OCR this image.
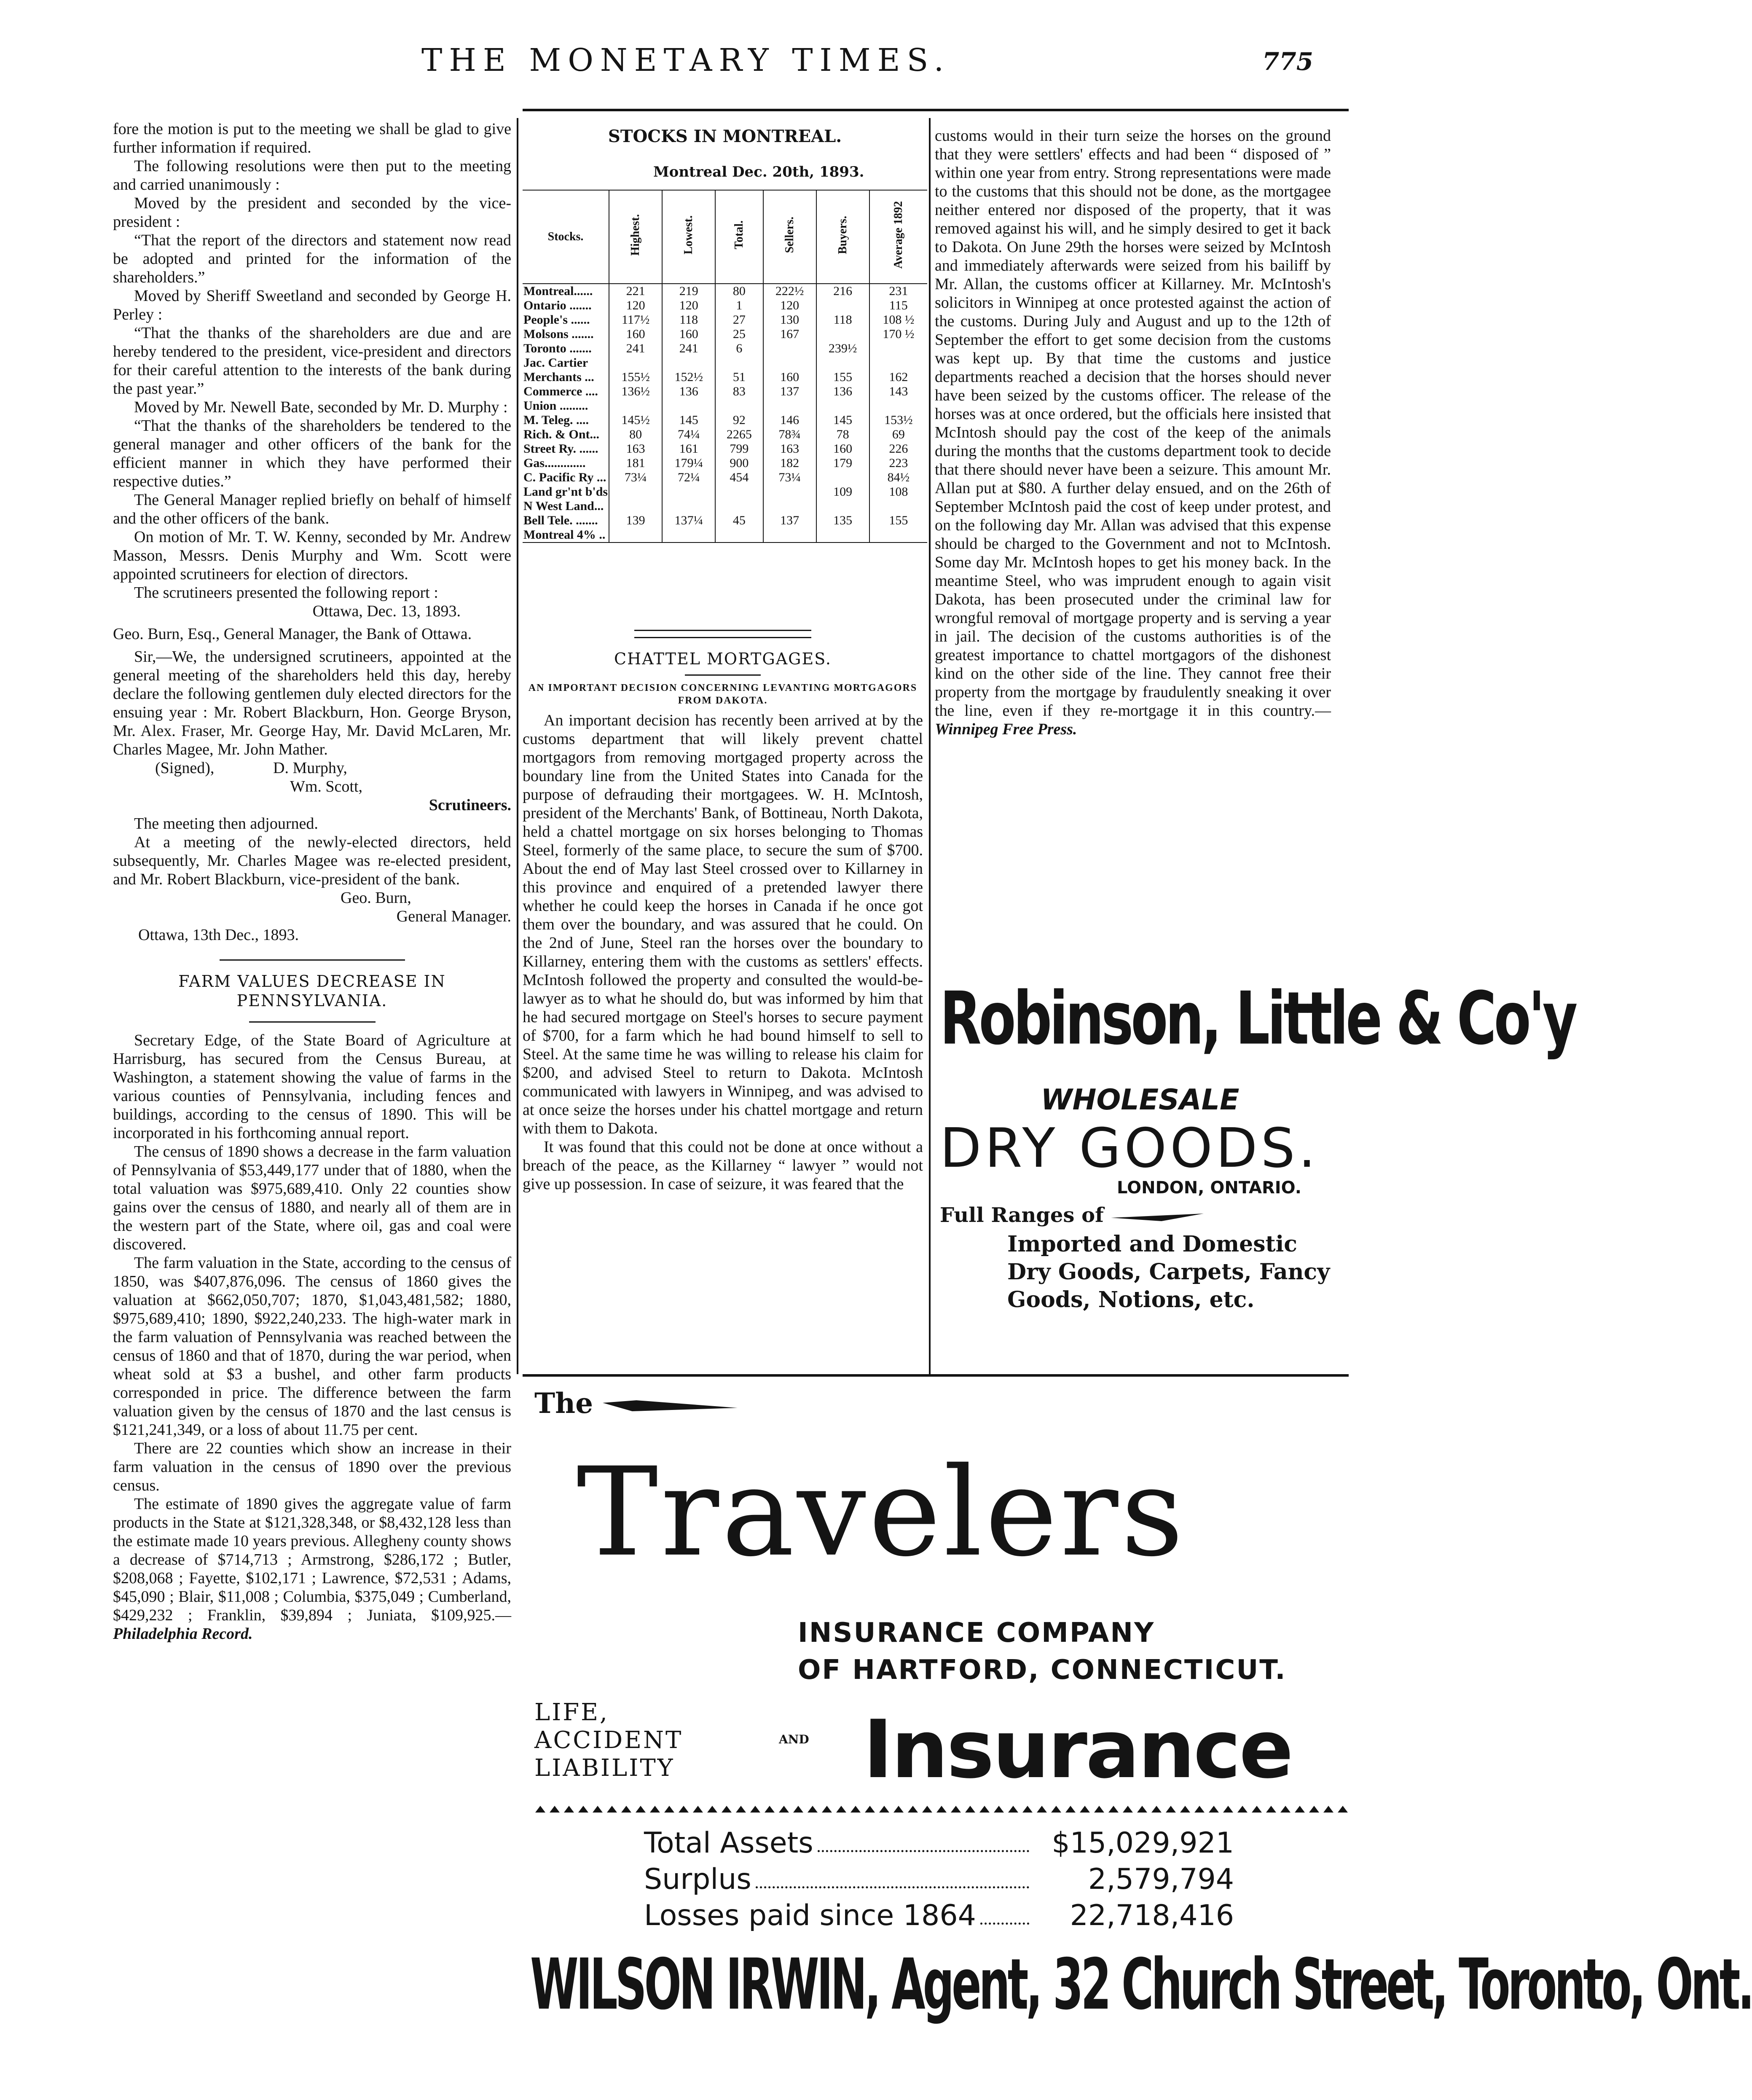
THE MONETARY TIMES.	775

fore the motion is put to the meeting we shall be glad to give further information if required.

The following resolutions were then put to the meeting and carried unanimously :

Moved by the president and seconded by the vice-president :

“That the report of the directors and statement now read be adopted and printed for the information of the shareholders.”

Moved by Sheriff Sweetland and seconded by George H. Perley :

“That the thanks of the shareholders are due and are hereby tendered to the president, vice-president and directors for their careful attention to the interests of the bank during the past year.”

Moved by Mr. Newell Bate, seconded by Mr. D. Murphy :

“That the thanks of the shareholders be tendered to the general manager and other officers of the bank for the efficient manner in which they have performed their respective duties.”

The General Manager replied briefly on behalf of himself and the other officers of the bank.

On motion of Mr. T. W. Kenny, seconded by Mr. Andrew Masson, Messrs. Denis Murphy and Wm. Scott were appointed scrutineers for election of directors.

The scrutineers presented the following report :

Ottawa, Dec. 13, 1893.

Geo. Burn, Esq., General Manager, the Bank of Ottawa.

Sir,—We, the undersigned scrutineers, appointed at the general meeting of the shareholders held this day, hereby declare the following gentlemen duly elected directors for the ensuing year : Mr. Robert Blackburn, Hon. George Bryson, Mr. Alex. Fraser, Mr. George Hay, Mr. David McLaren, Mr. Charles Magee, Mr. John Mather.

(Signed),	D. Murphy,

Wm. Scott,

Scrutineers.

The meeting then adjourned.

At a meeting of the newly-elected directors, held subsequently, Mr. Charles Magee was re-elected president, and Mr. Robert Blackburn, vice-president of the bank.

Geo. Burn,

General Manager.

Ottawa, 13th Dec., 1893.

FARM VALUES DECREASE IN PENNSYLVANIA.

Secretary Edge, of the State Board of Agriculture at Harrisburg, has secured from the Census Bureau, at Washington, a statement showing the value of farms in the various counties of Pennsylvania, including fences and buildings, according to the census of 1890. This will be incorporated in his forthcoming annual report.

The census of 1890 shows a decrease in the farm valuation of Pennsylvania of $53,449,177 under that of 1880, when the total valuation was $975,689,410. Only 22 counties show gains over the census of 1880, and nearly all of them are in the western part of the State, where oil, gas and coal were discovered.

The farm valuation in the State, according to the census of 1850, was $407,876,096. The census of 1860 gives the valuation at $662,050,707; 1870, $1,043,481,582; 1880, $975,689,410; 1890, $922,240,233. The high-water mark in the farm valuation of Pennsylvania was reached between the census of 1860 and that of 1870, during the war period, when wheat sold at $3 a bushel, and other farm products corresponded in price. The difference between the farm valuation given by the census of 1870 and the last census is $121,241,349, or a loss of about 11.75 per cent.

There are 22 counties which show an increase in their farm valuation in the census of 1890 over the previous census.

The estimate of 1890 gives the aggregate value of farm products in the State at $121,328,348, or $8,432,128 less than the estimate made 10 years previous. Allegheny county shows a decrease of $714,713 ; Armstrong, $286,172 ; Butler, $208,068 ; Fayette, $102,171 ; Lawrence, $72,531 ; Adams, $45,090 ; Blair, $11,008 ; Columbia, $375,049 ; Cumberland, $429,232 ; Franklin, $39,894 ; Juniata, $109,925.—Philadelphia Record.

STOCKS IN MONTREAL.
Montreal Dec. 20th, 1893.
Stocks.	Highest.	Lowest.	Total.	Sellers.	Buyers.	Average 1892
Montreal......	221	219	80	222½	216	231
Ontario .......	120	120	1	120		115
People's ......	117½	118	27	130	118	108 ½
Molsons .......	160	160	25	167		170 ½
Toronto .......	241	241	6		239½	
Jac. Cartier						
Merchants ...	155½	152½	51	160	155	162
Commerce ....	136½	136	83	137	136	143
Union .........						
M. Teleg. ....	145½	145	92	146	145	153½
Rich. & Ont...	80	74¼	2265	78¾	78	69
Street Ry. ......	163	161	799	163	160	226
Gas.............	181	179¼	900	182	179	223
C. Pacific Ry ...	73¼	72¼	454	73¼		84½
Land gr'nt b'ds					109	108
N West Land...						
Bell Tele. .......	139	137¼	45	137	135	155
Montreal 4% ..						
CHATTEL MORTGAGES.
AN IMPORTANT DECISION CONCERNING LEVANTING MORTGAGORS FROM DAKOTA.

An important decision has recently been arrived at by the customs department that will likely prevent chattel mortgagors from removing mortgaged property across the boundary line from the United States into Canada for the purpose of defrauding their mortgagees. W. H. McIntosh, president of the Merchants' Bank, of Bottineau, North Dakota, held a chattel mortgage on six horses belonging to Thomas Steel, formerly of the same place, to secure the sum of $700. About the end of May last Steel crossed over to Killarney in this province and enquired of a pretended lawyer there whether he could keep the horses in Canada if he once got them over the boundary, and was assured that he could. On the 2nd of June, Steel ran the horses over the boundary to Killarney, entering them with the customs as settlers' effects. McIntosh followed the property and consulted the would-be-lawyer as to what he should do, but was informed by him that he had secured mortgage on Steel's horses to secure payment of $700, for a farm which he had bound himself to sell to Steel. At the same time he was willing to release his claim for $200, and advised Steel to return to Dakota. McIntosh communicated with lawyers in Winnipeg, and was advised to at once seize the horses under his chattel mortgage and return with them to Dakota.

It was found that this could not be done at once without a breach of the peace, as the Killarney “ lawyer ” would not give up possession. In case of seizure, it was feared that the

customs would in their turn seize the horses on the ground that they were settlers' effects and had been “ disposed of ” within one year from entry. Strong representations were made to the customs that this should not be done, as the mortgagee neither entered nor disposed of the property, that it was removed against his will, and he simply desired to get it back to Dakota. On June 29th the horses were seized by McIntosh and immediately afterwards were seized from his bailiff by Mr. Allan, the customs officer at Killarney. Mr. McIntosh's solicitors in Winnipeg at once protested against the action of the customs. During July and August and up to the 12th of September the effort to get some decision from the customs was kept up. By that time the customs and justice departments reached a decision that the horses should never have been seized by the customs officer. The release of the horses was at once ordered, but the officials here insisted that McIntosh should pay the cost of the keep of the animals during the months that the customs department took to decide that there should never have been a seizure. This amount Mr. Allan put at $80. A further delay ensued, and on the 26th of September McIntosh paid the cost of keep under protest, and on the following day Mr. Allan was advised that this expense should be charged to the Government and not to McIntosh. Some day Mr. McIntosh hopes to get his money back. In the meantime Steel, who was imprudent enough to again visit Dakota, has been prosecuted under the criminal law for wrongful removal of mortgage property and is serving a year in jail. The decision of the customs authorities is of the greatest importance to chattel mortgagors of the dishonest kind on the other side of the line. They cannot free their property from the mortgage by fraudulently sneaking it over the line, even if they re-mortgage it in this country.—Winnipeg Free Press.

Robinson, Little & Co'y
WHOLESALE
DRY GOODS.
LONDON, ONTARIO.
Full Ranges of
Imported and Domestic Dry Goods, Carpets, Fancy Goods, Notions, etc.
The
Travelers
INSURANCE COMPANY
OF HARTFORD, CONNECTICUT.
LIFE,
ACCIDENT
LIABILITY
AND Insurance
Total Assets	$15,029,921
Surplus	2,579,794
Losses paid since 1864	22,718,416
WILSON IRWIN, Agent, 32 Church Street, Toronto, Ont.
